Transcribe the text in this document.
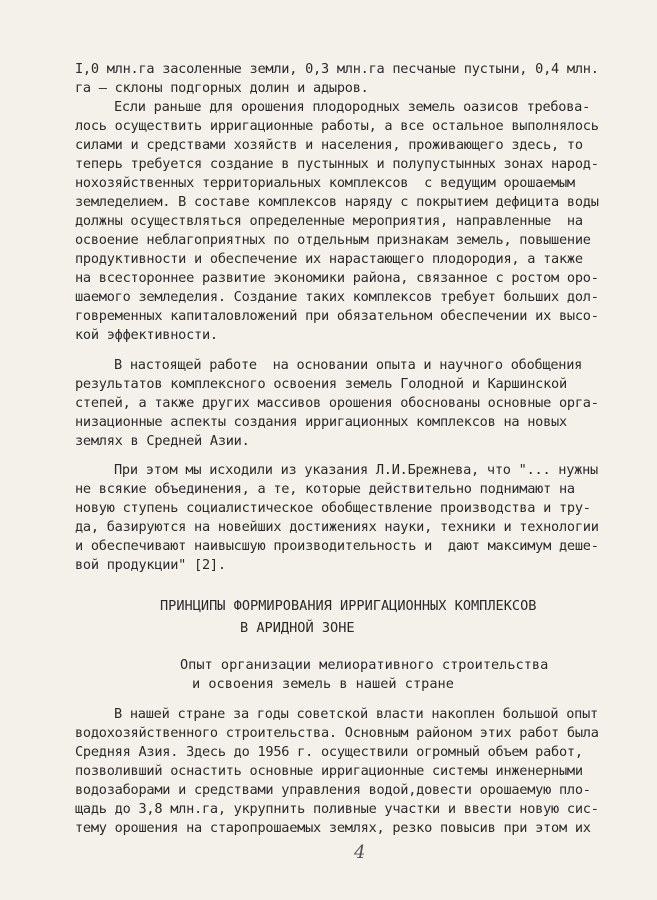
I,0 млн.га засоленные земли, 0,3 млн.га песчаные пустыни, 0,4 млн.
га – склоны подгорных долин и адыров.
Если раньше для орошения плодородных земель оазисов требова-
лось осуществить ирригационные работы, а все остальное выполнялось
силами и средствами хозяйств и населения, проживающего здесь, то
теперь требуется создание в пустынных и полупустынных зонах народ-
нохозяйственных территориальных комплексов  с ведущим орошаемым
земледелием. В составе комплексов наряду с покрытием дефицита воды
должны осуществляться определенные мероприятия, направленные  на
освоение неблагоприятных по отдельным признакам земель, повышение
продуктивности и обеспечение их нарастающего плодородия, а также
на всестороннее развитие экономики района, связанное с ростом оро-
шаемого земледелия. Создание таких комплексов требует больших дол-
говременных капиталовложений при обязательном обеспечении их высо-
кой эффективности.
В настоящей работе  на основании опыта и научного обобщения
результатов комплексного освоения земель Голодной и Каршинской
степей, а также других массивов орошения обоснованы основные орга-
низационные аспекты создания ирригационных комплексов на новых
землях в Средней Азии.
При этом мы исходили из указания Л.И.Брежнева, что "... нужны
не всякие объединения, а те, которые действительно поднимают на
новую ступень социалистическое обобществление производства и тру-
да, базируются на новейших достижениях науки, техники и технологии
и обеспечивают наивысшую производительность и  дают максимум деше-
вой продукции" [2].
ПРИНЦИПЫ ФОРМИРОВАНИЯ ИРРИГАЦИОННЫХ КОМПЛЕКСОВ
В АРИДНОЙ ЗОНЕ
Опыт организации мелиоративного строительства
и освоения земель в нашей стране
В нашей стране за годы советской власти накоплен большой опыт
водохозяйственного строительства. Основным районом этих работ была
Средняя Азия. Здесь до 1956 г. осуществили огромный объем работ,
позволивший оснастить основные ирригационные системы инженерными
водозаборами и средствами управления водой,довести орошаемую пло-
щадь до 3,8 млн.га, укрупнить поливные участки и ввести новую сис-
тему орошения на старопрошаемых землях, резко повысив при этом их
4
